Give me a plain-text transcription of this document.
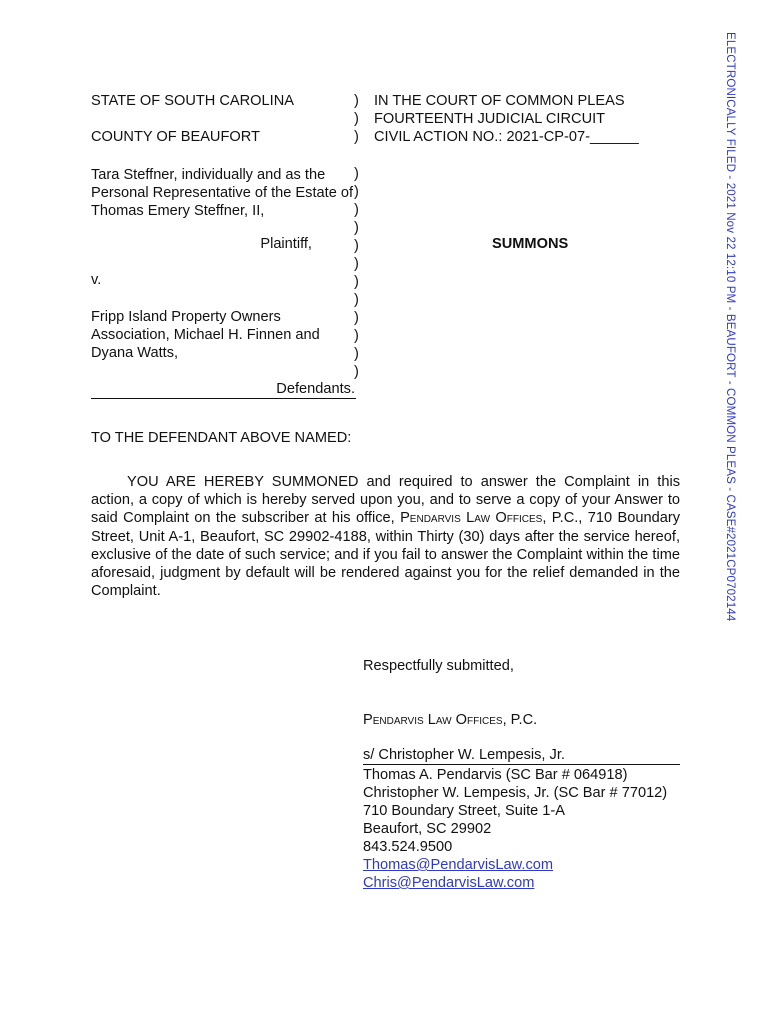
ELECTRONICALLY FILED - 2021 Nov 22 12:10 PM - BEAUFORT - COMMON PLEAS - CASE#2021CP0702144
STATE OF SOUTH CAROLINA
COUNTY OF BEAUFORT
)
)
)
)
)
)
)
)
)
)
)
)
)
)
)
IN THE COURT OF COMMON PLEAS
FOURTEENTH JUDICIAL CIRCUIT
CIVIL ACTION NO.: 2021-CP-07-______
Tara Steffner, individually and as the Personal Representative of the Estate of Thomas Emery Steffner, II,
Plaintiff,	SUMMONS
v.
Fripp Island Property Owners Association, Michael H. Finnen and Dyana Watts,
Defendants.
TO THE DEFENDANT ABOVE NAMED:
YOU ARE HEREBY SUMMONED and required to answer the Complaint in this action, a copy of which is hereby served upon you, and to serve a copy of your Answer to said Complaint on the subscriber at his office, Pendarvis Law Offices, P.C., 710 Boundary Street, Unit A-1, Beaufort, SC 29902-4188, within Thirty (30) days after the service hereof, exclusive of the date of such service; and if you fail to answer the Complaint within the time aforesaid, judgment by default will be rendered against you for the relief demanded in the Complaint.
Respectfully submitted,
Pendarvis Law Offices, P.C.
s/ Christopher W. Lempesis, Jr.
Thomas A. Pendarvis (SC Bar # 064918)
Christopher W. Lempesis, Jr. (SC Bar # 77012)
710 Boundary Street, Suite 1-A
Beaufort, SC 29902
843.524.9500
Thomas@PendarvisLaw.com
Chris@PendarvisLaw.com
